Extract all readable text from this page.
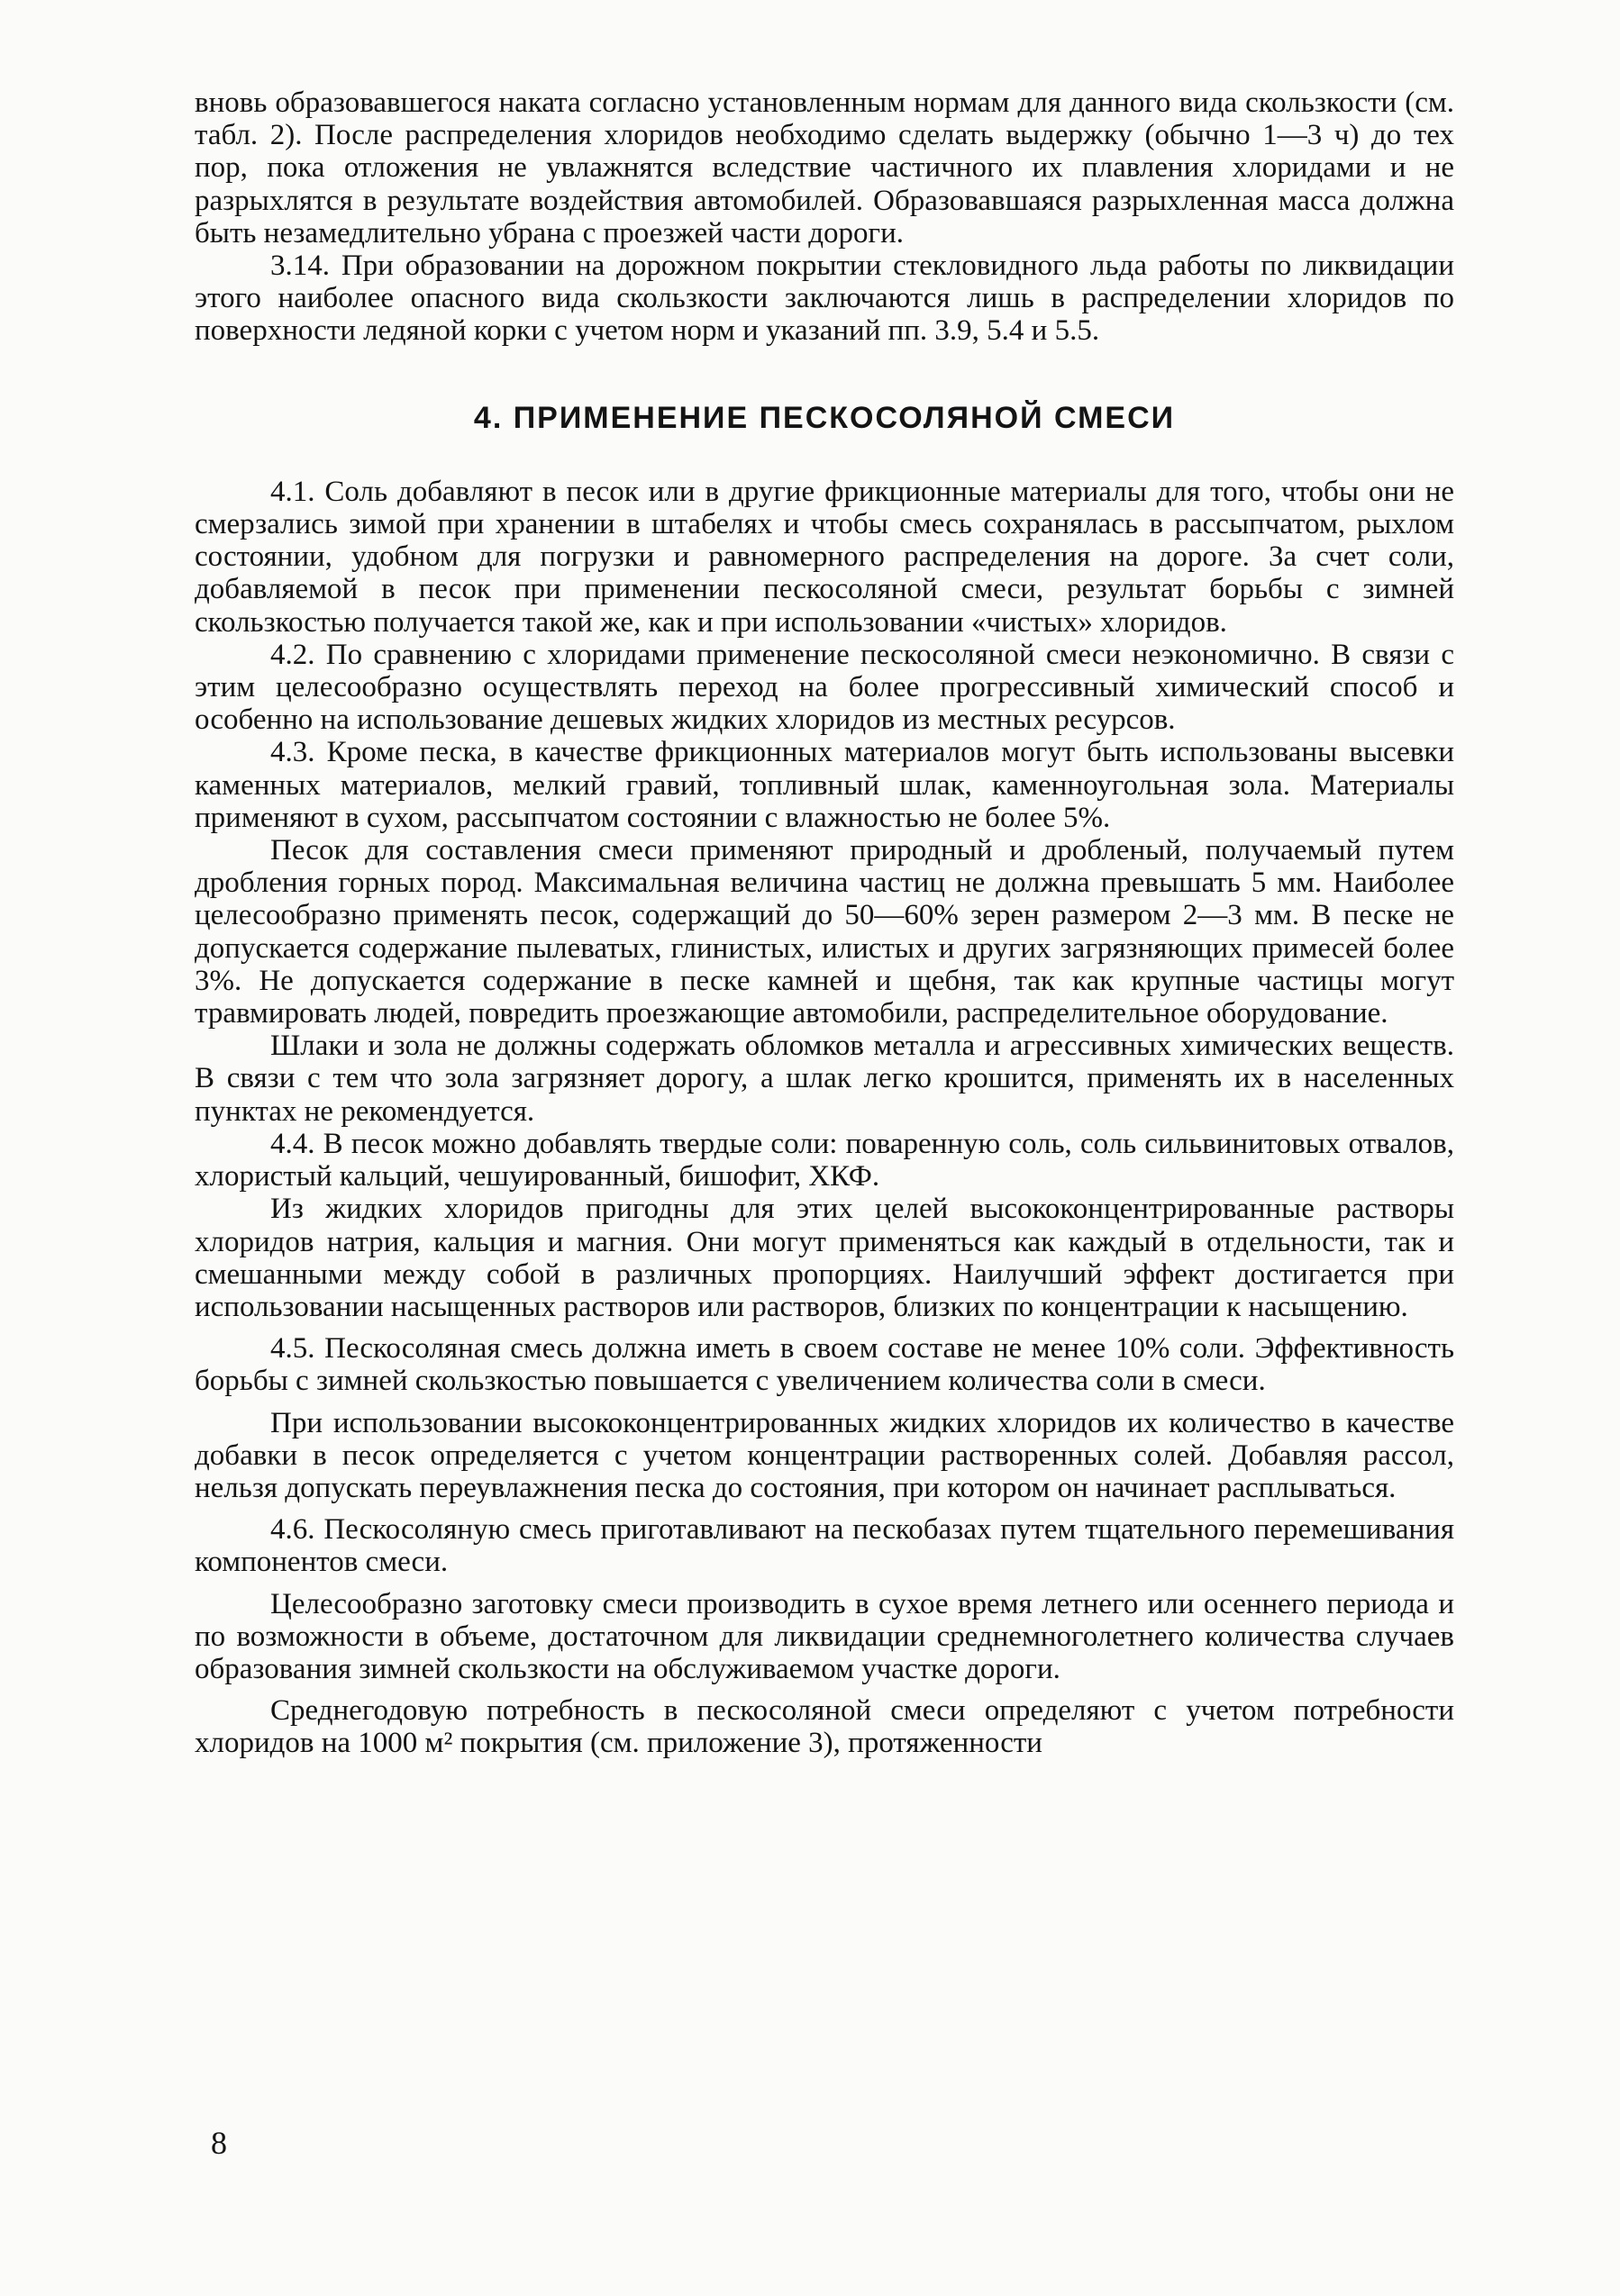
вновь образовавшегося наката согласно установленным нормам для данного вида скользкости (см. табл. 2). После распределения хлоридов необходимо сделать выдержку (обычно 1—3 ч) до тех пор, пока отложения не увлажнятся вследствие частичного их плавления хлоридами и не разрыхлятся в результате воздействия автомобилей. Образовавшаяся разрыхленная масса должна быть незамедлительно убрана с проезжей части дороги.

3.14. При образовании на дорожном покрытии стекловидного льда работы по ликвидации этого наиболее опасного вида скользкости заключаются лишь в распределении хлоридов по поверхности ледяной корки с учетом норм и указаний пп. 3.9, 5.4 и 5.5.

4. ПРИМЕНЕНИЕ ПЕСКОСОЛЯНОЙ СМЕСИ

4.1. Соль добавляют в песок или в другие фрикционные материалы для того, чтобы они не смерзались зимой при хранении в штабелях и чтобы смесь сохранялась в рассыпчатом, рыхлом состоянии, удобном для погрузки и равномерного распределения на дороге. За счет соли, добавляемой в песок при применении пескосоляной смеси, результат борьбы с зимней скользкостью получается такой же, как и при использовании «чистых» хлоридов.

4.2. По сравнению с хлоридами применение пескосоляной смеси неэкономично. В связи с этим целесообразно осуществлять переход на более прогрессивный химический способ и особенно на использование дешевых жидких хлоридов из местных ресурсов.

4.3. Кроме песка, в качестве фрикционных материалов могут быть использованы высевки каменных материалов, мелкий гравий, топливный шлак, каменноугольная зола. Материалы применяют в сухом, рассыпчатом состоянии с влажностью не более 5%.

Песок для составления смеси применяют природный и дробленый, получаемый путем дробления горных пород. Максимальная величина частиц не должна превышать 5 мм. Наиболее целесообразно применять песок, содержащий до 50—60% зерен размером 2—3 мм. В песке не допускается содержание пылеватых, глинистых, илистых и других загрязняющих примесей более 3%. Не допускается содержание в песке камней и щебня, так как крупные частицы могут травмировать людей, повредить проезжающие автомобили, распределительное оборудование.

Шлаки и зола не должны содержать обломков металла и агрессивных химических веществ. В связи с тем что зола загрязняет дорогу, а шлак легко крошится, применять их в населенных пунктах не рекомендуется.

4.4. В песок можно добавлять твердые соли: поваренную соль, соль сильвинитовых отвалов, хлористый кальций, чешуированный, бишофит, ХКФ.

Из жидких хлоридов пригодны для этих целей высококонцентрированные растворы хлоридов натрия, кальция и магния. Они могут применяться как каждый в отдельности, так и смешанными между собой в различных пропорциях. Наилучший эффект достигается при использовании насыщенных растворов или растворов, близких по концентрации к насыщению.

4.5. Пескосоляная смесь должна иметь в своем составе не менее 10% соли. Эффективность борьбы с зимней скользкостью повышается с увеличением количества соли в смеси.

При использовании высококонцентрированных жидких хлоридов их количество в качестве добавки в песок определяется с учетом концентрации растворенных солей. Добавляя рассол, нельзя допускать переувлажнения песка до состояния, при котором он начинает расплываться.

4.6. Пескосоляную смесь приготавливают на пескобазах путем тщательного перемешивания компонентов смеси.

Целесообразно заготовку смеси производить в сухое время летнего или осеннего периода и по возможности в объеме, достаточном для ликвидации среднемноголетнего количества случаев образования зимней скользкости на обслуживаемом участке дороги.

Среднегодовую потребность в пескосоляной смеси определяют с учетом потребности хлоридов на 1000 м² покрытия (см. приложение 3), протяженности

8
